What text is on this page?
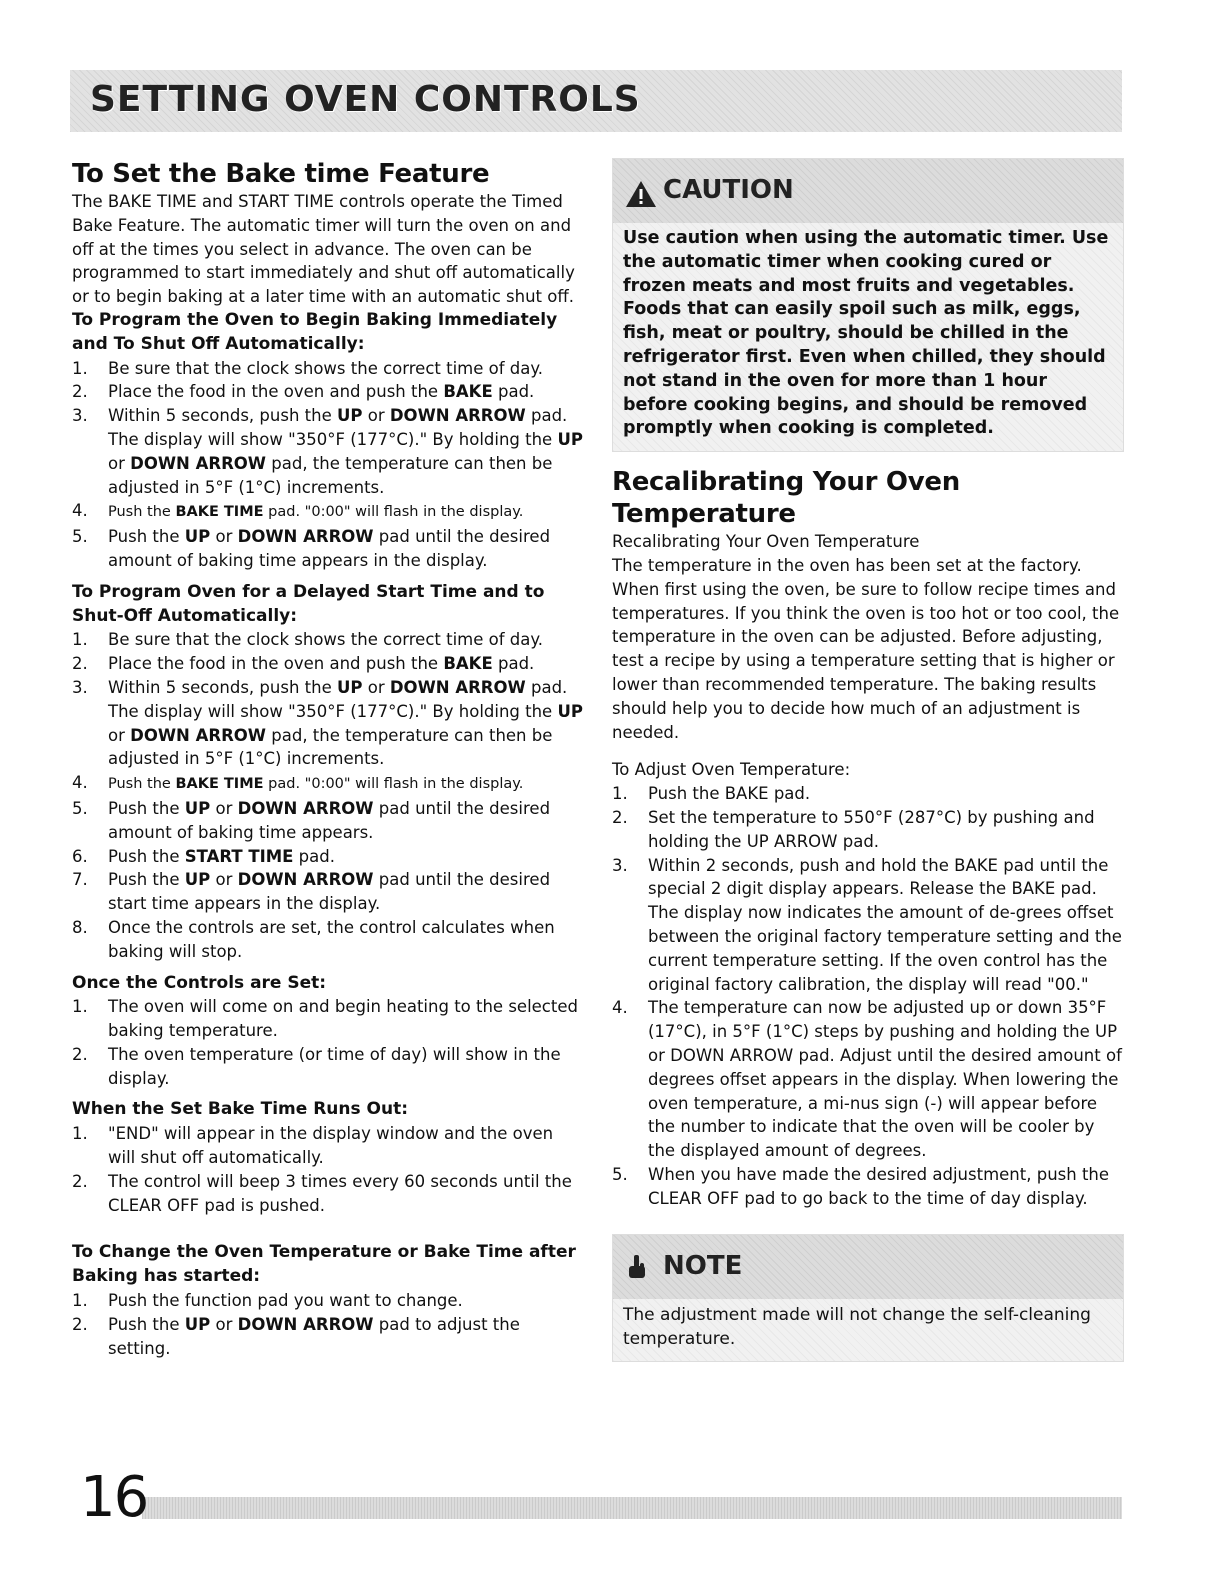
SETTING OVEN CONTROLS
To Set the Bake time Feature

The BAKE TIME and START TIME controls operate the Timed Bake Feature. The automatic timer will turn the oven on and off at the times you select in advance. The oven can be programmed to start immediately and shut off automatically or to begin baking at a later time with an automatic shut off.

To Program the Oven to Begin Baking Immediately and To Shut Off Automatically:

1. Be sure that the clock shows the correct time of day.
2. Place the food in the oven and push the BAKE pad.
3. Within 5 seconds, push the UP or DOWN ARROW pad. The display will show "350°F (177°C)." By holding the UP or DOWN ARROW pad, the temperature can then be adjusted in 5°F (1°C) increments.
4. Push the BAKE TIME pad. "0:00" will flash in the display.
5. Push the UP or DOWN ARROW pad until the desired amount of baking time appears in the display.

To Program Oven for a Delayed Start Time and to Shut-Off Automatically:

1. Be sure that the clock shows the correct time of day.
2. Place the food in the oven and push the BAKE pad.
3. Within 5 seconds, push the UP or DOWN ARROW pad. The display will show "350°F (177°C)." By holding the UP or DOWN ARROW pad, the temperature can then be adjusted in 5°F (1°C) increments.
4. Push the BAKE TIME pad. "0:00" will flash in the display.
5. Push the UP or DOWN ARROW pad until the desired amount of baking time appears.
6. Push the START TIME pad.
7. Push the UP or DOWN ARROW pad until the desired start time appears in the display.
8. Once the controls are set, the control calculates when baking will stop.

Once the Controls are Set:

1. The oven will come on and begin heating to the selected baking temperature.
2. The oven temperature (or time of day) will show in the display.

When the Set Bake Time Runs Out:

1. "END" will appear in the display window and the oven will shut off automatically.
2. The control will beep 3 times every 60 seconds until the CLEAR OFF pad is pushed.

To Change the Oven Temperature or Bake Time after Baking has started:

1. Push the function pad you want to change.
2. Push the UP or DOWN ARROW pad to adjust the setting.
CAUTION

Use caution when using the automatic timer. Use the automatic timer when cooking cured or frozen meats and most fruits and vegetables. Foods that can easily spoil such as milk, eggs, fish, meat or poultry, should be chilled in the refrigerator first. Even when chilled, they should not stand in the oven for more than 1 hour before cooking begins, and should be removed promptly when cooking is completed.

Recalibrating Your Oven Temperature

Recalibrating Your Oven Temperature

The temperature in the oven has been set at the factory. When first using the oven, be sure to follow recipe times and temperatures. If you think the oven is too hot or too cool, the temperature in the oven can be adjusted. Before adjusting, test a recipe by using a temperature setting that is higher or lower than recommended temperature. The baking results should help you to decide how much of an adjustment is needed.

To Adjust Oven Temperature:

1. Push the BAKE pad.
2. Set the temperature to 550°F (287°C) by pushing and holding the UP ARROW pad.
3. Within 2 seconds, push and hold the BAKE pad until the special 2 digit display appears. Release the BAKE pad. The display now indicates the amount of de-grees offset between the original factory temperature setting and the current temperature setting. If the oven control has the original factory calibration, the display will read "00."
4. The temperature can now be adjusted up or down 35°F (17°C), in 5°F (1°C) steps by pushing and holding the UP or DOWN ARROW pad. Adjust until the desired amount of degrees offset appears in the display. When lowering the oven temperature, a mi-nus sign (-) will appear before the number to indicate that the oven will be cooler by the displayed amount of degrees.
5. When you have made the desired adjustment, push the CLEAR OFF pad to go back to the time of day display.
NOTE

The adjustment made will not change the self-cleaning temperature.

16
